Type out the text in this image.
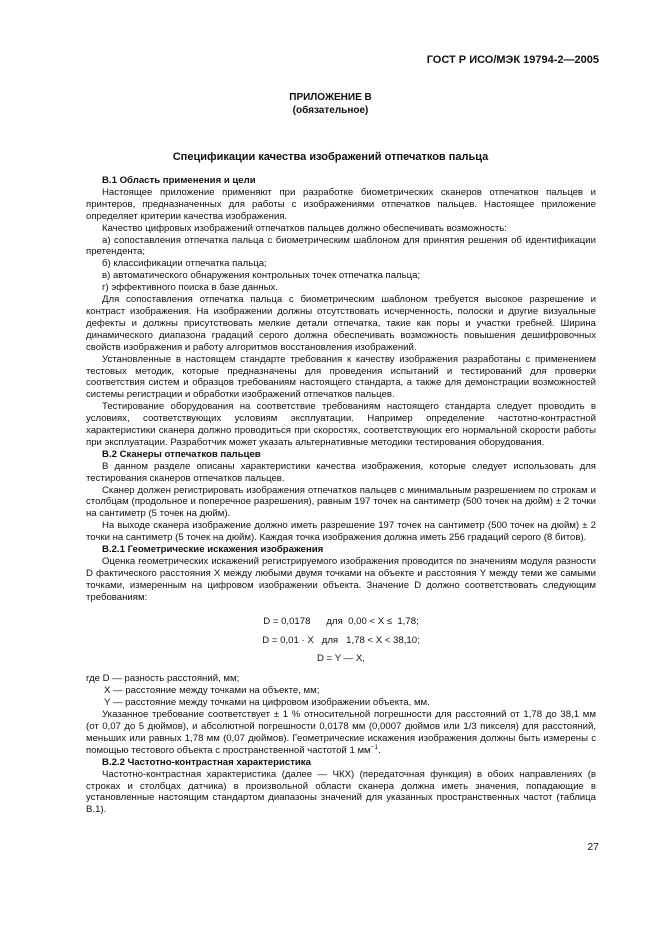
ГОСТ Р ИСО/МЭК 19794-2—2005
ПРИЛОЖЕНИЕ В
(обязательное)
Спецификации качества изображений отпечатков пальца

В.1 Область применения и цели

Настоящее приложение применяют при разработке биометрических сканеров отпечатков пальцев и принтеров, предназначенных для работы с изображениями отпечатков пальцев. Настоящее приложение определяет критерии качества изображения.

Качество цифровых изображений отпечатков пальцев должно обеспечивать возможность:

а) сопоставления отпечатка пальца с биометрическим шаблоном для принятия решения об идентификации претендента;

б) классификации отпечатка пальца;

в) автоматического обнаружения контрольных точек отпечатка пальца;

г) эффективного поиска в базе данных.

Для сопоставления отпечатка пальца с биометрическим шаблоном требуется высокое разрешение и контраст изображения. На изображении должны отсутствовать исчерченность, полоски и другие визуальные дефекты и должны присутствовать мелкие детали отпечатка, такие как поры и участки гребней. Ширина динамического диапазона градаций серого должна обеспечивать возможность повышения дешифровочных свойств изображения и работу алгоритмов восстановления изображений.

Установленные в настоящем стандарте требования к качеству изображения разработаны с применением тестовых методик, которые предназначены для проведения испытаний и тестирований для проверки соответствия систем и образцов требованиям настоящего стандарта, а также для демонстрации возможностей системы регистрации и обработки изображений отпечатков пальцев.

Тестирование оборудования на соответствие требованиям настоящего стандарта следует проводить в условиях, соответствующих условиям эксплуатации. Например определение частотно-контрастной характеристики сканера должно проводиться при скоростях, соответствующих его нормальной скорости работы при эксплуатации. Разработчик может указать альтернативные методики тестирования оборудования.

В.2 Сканеры отпечатков пальцев

В данном разделе описаны характеристики качества изображения, которые следует использовать для тестирования сканеров отпечатков пальцев.

Сканер должен регистрировать изображения отпечатков пальцев с минимальным разрешением по строкам и столбцам (продольное и поперечное разрешения), равным 197 точек на сантиметр (500 точек на дюйм) ± 2 точки на сантиметр (5 точек на дюйм).

На выходе сканера изображение должно иметь разрешение 197 точек на сантиметр (500 точек на дюйм) ± 2 точки на сантиметр (5 точек на дюйм). Каждая точка изображения должна иметь 256 градаций серого (8 битов).

В.2.1 Геометрические искажения изображения

Оценка геометрических искажений регистрируемого изображения проводится по значениям модуля разности D фактического расстояния X между любыми двумя точками на объекте и расстояния Y между теми же самыми точками, измеренным на цифровом изображении объекта. Значение D должно соответствовать следующим требованиям:

D = 0,0178      для  0,00 < X ≤  1,78;

D = 0,01 · X   для   1,78 < X < 38,10;

D = Y — X,

где D — разность расстояний, мм;

X — расстояние между точками на объекте, мм;

Y — расстояние между точками на цифровом изображении объекта, мм.

Указанное требование соответствует ± 1 % относительной погрешности для расстояний от 1,78 до 38,1 мм (от 0,07 до 5 дюймов), и абсолютной погрешности 0,0178 мм (0,0007 дюймов или 1/3 пикселя) для расстояний, меньших или равных 1,78 мм (0,07 дюймов). Геометрические искажения изображения должны быть измерены с помощью тестового объекта с пространственной частотой 1 $мм^{-1}$.

В.2.2 Частотно-контрастная характеристика

Частотно-контрастная характеристика (далее — ЧКХ) (передаточная функция) в обоих направлениях (в строках и столбцах датчика) в произвольной области сканера должна иметь значения, попадающие в установленные настоящим стандартом диапазоны значений для указанных пространственных частот (таблица В.1).

27
